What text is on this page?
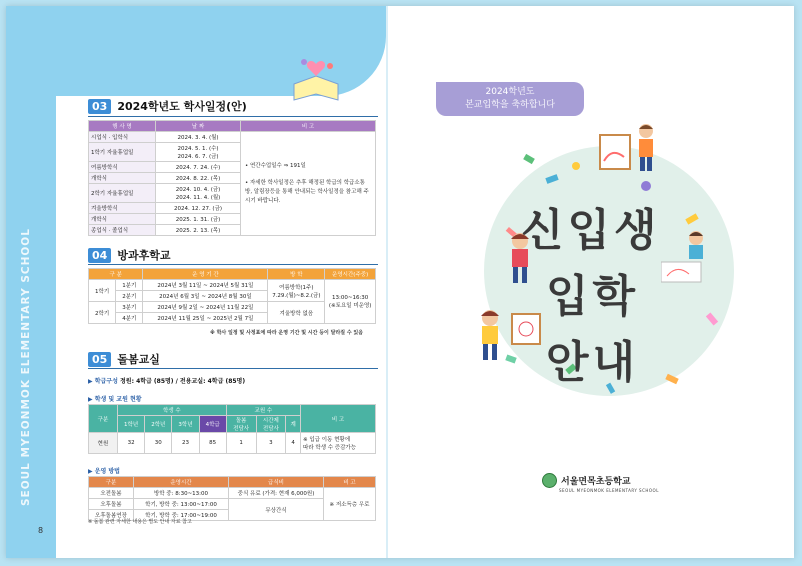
SEOUL MYEONMOK ELEMENTARY SCHOOL
8
03 2024학년도 학사일정(안)
행 사 명	날 짜	비 고
시업식 · 입학식	2024. 3. 4. (월)	• 연간수업일수 ⇒ 191일
• 자세한 학사일정은 추후 해정된 학급의 학급소통방, 알림장등을 통해 안내되는 학사일정을 참고해 주시기 바랍니다.

1학기 자율휴업일	2024. 5. 1. (수)
2024. 6. 7. (금)	
여름방학식	2024. 7. 24. (수)	
개학식	2024. 8. 22. (목)	
2학기 자율휴업일	2024. 10. 4. (금)
2024. 11. 4. (월)	
겨울방학식	2024. 12. 27. (금)	
개학식	2025. 1. 31. (금)	
종업식 · 졸업식	2025. 2. 13. (목)	
04 방과후학교
구 분		운 영 기 간	방 학	운영시간(주중)
1학기	1분기	2024년 3월 11일 ~ 2024년 5월 31일	여름방학(1주)
7.29.(월)~8.2.(금)	13:00~16:30
(※토요일 미운영)
	2분기	2024년 6월 3일 ~ 2024년 8월 30일		
2학기	3분기	2024년 9월 2일 ~ 2024년 11월 22일	겨울방학 없음	
	4분기	2024년 11월 25일 ~ 2025년 2월 7일		
※ 학사 일정 및 사정표에 따라 운영 기간 및 시간 등이 달라질 수 있음
05 돌봄교실
▶ 학급구성 정원: 4학급 (85명) / 전용교실: 4학급 (85명)
▶ 학생 및 교원 현황
구분	학생 수				교원 수			비 고
	1학년	2학년	3학년	4학급	돌봄
전담사	시간제
전담사	계	
현원	32	30	23	85	1	3	4	※ 입급 이동 현황에
따라 학생 수 증감가능
▶ 운영 방법
구분	운영시간	급식비	비 고
오전돌봄	방학 중: 8:30~13:00	중식 유료 (가격: 현재 6,000원)	※ 저소득층 우로
오후돌봄	학기, 방학 중: 13:00~17:00	무상간식	
오후돌봄연장	학기, 방학 중: 17:00~19:00		
※ 돌봄 관련 자세한 내용은 별도 안내 자료 참고
2024학년도
본교입학을 축하합니다
신입생
입학
안내
서울면목초등학교
SEOUL MYEONMOK ELEMENTARY SCHOOL
